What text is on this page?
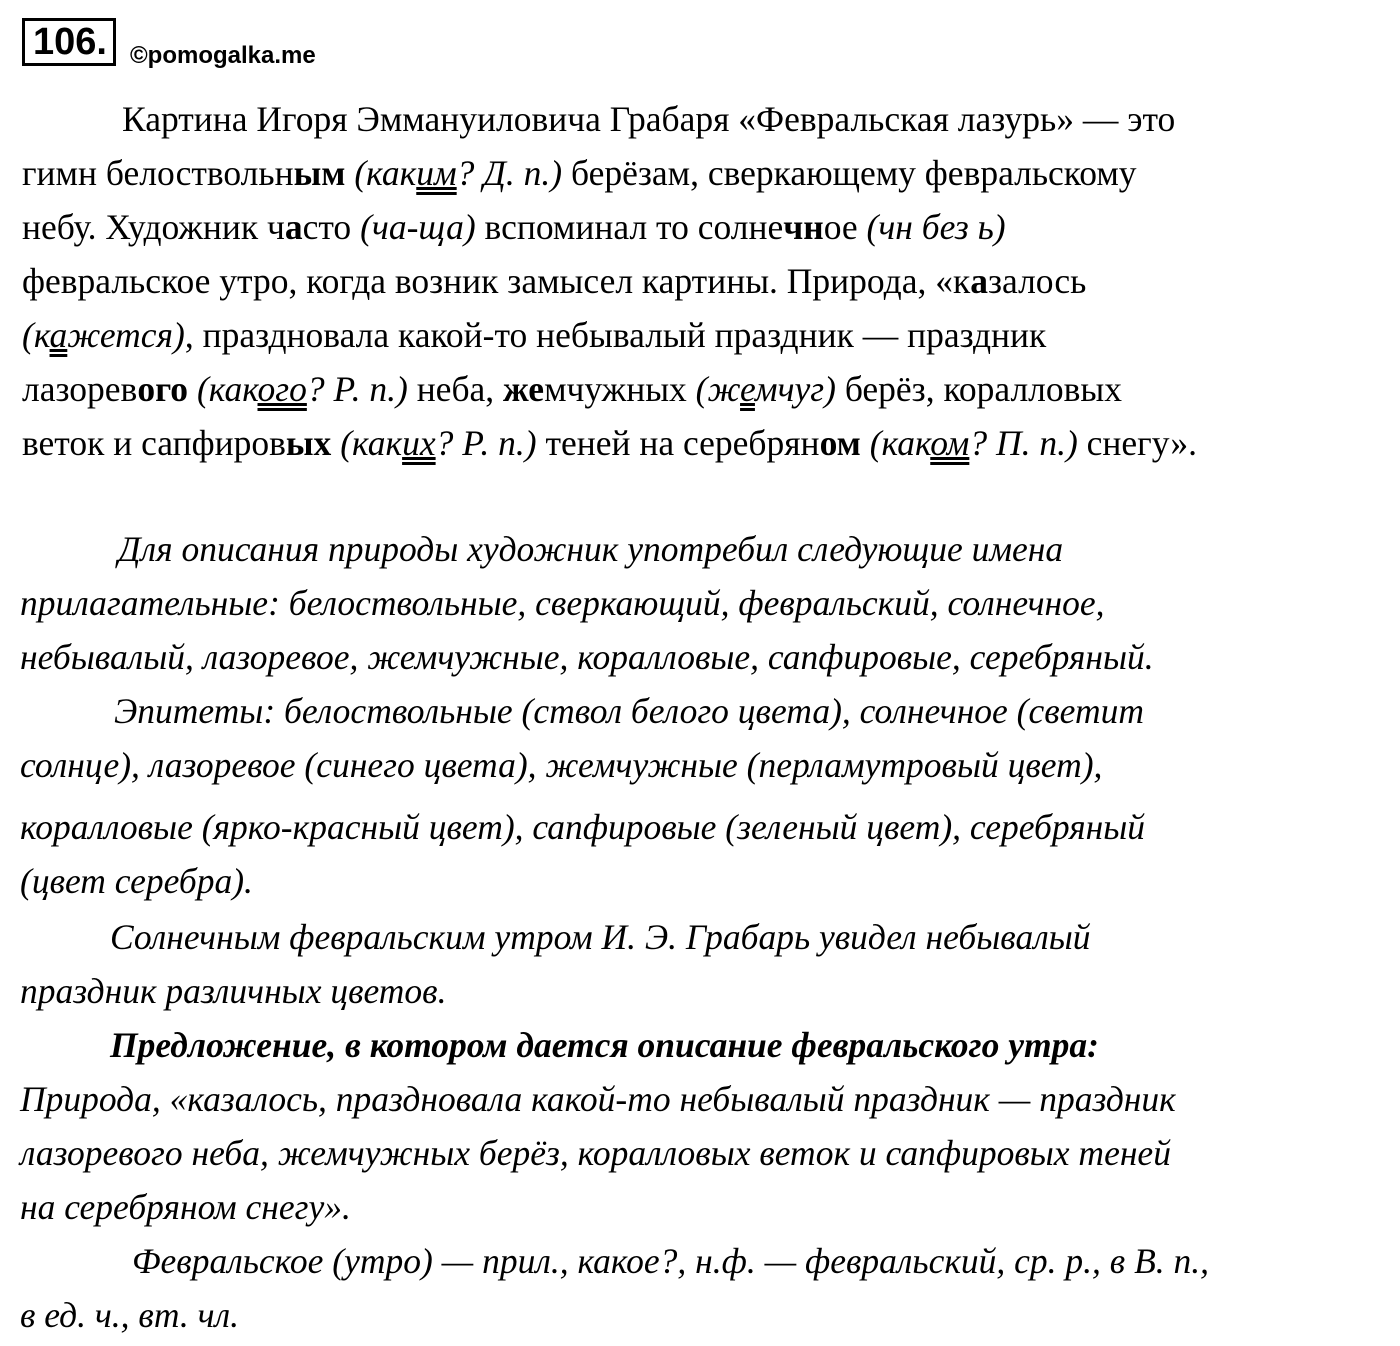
106. ©pomogalka.me

Картина Игоря Эммануиловича Грабаря «Февральская лазурь» — это

гимн белоствольным (каким? Д. п.) берёзам, сверкающему февральскому

небу. Художник часто (ча-ща) вспоминал то солнечное (чн без ь)

февральское утро, когда возник замысел картины. Природа, «казалось

(кажется), праздновала какой-то небывалый праздник — праздник

лазоревого (какого? Р. п.) неба, жемчужных (жемчуг) берёз, коралловых

веток и сапфировых (каких? Р. п.) теней на серебряном (каком? П. п.) снегу».

Для описания природы художник употребил следующие имена
прилагательные: белоствольные, сверкающий, февральский, солнечное,
небывалый, лазоревое, жемчужные, коралловые, сапфировые, серебряный.
Эпитеты: белоствольные (ствол белого цвета), солнечное (светит
солнце), лазоревое (синего цвета), жемчужные (перламутровый цвет),
коралловые (ярко-красный цвет), сапфировые (зеленый цвет), серебряный
(цвет серебра).
Солнечным февральским утром И. Э. Грабарь увидел небывалый
праздник различных цветов.
Предложение, в котором дается описание февральского утра:
Природа, «казалось, праздновала какой-то небывалый праздник — праздник
лазоревого неба, жемчужных берёз, коралловых веток и сапфировых теней
на серебряном снегу».
Февральское (утро) — прил., какое?, н.ф. — февральский, ср. р., в В. п.,
в ед. ч., вт. чл.
